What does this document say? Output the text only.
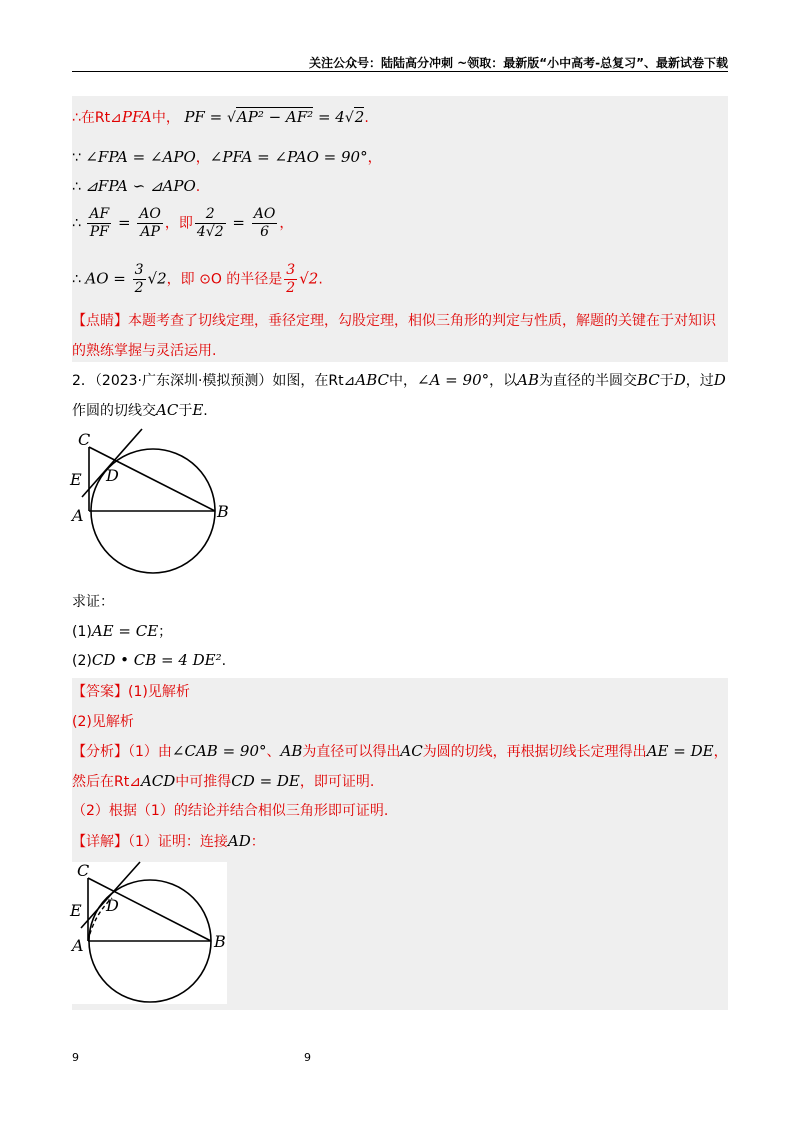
关注公众号：陆陆高分冲刺 ~领取：最新版“小中高考-总复习”、最新试卷下载
∴在Rt⊿PFA中， PF = √AP² − AF² = 4√2.
∵ ∠FPA = ∠APO，∠PFA = ∠PAO = 90°，
∴ ⊿FPA ∽ ⊿APO.
∴ $\frac{AF}{PF} = \frac{AO}{AP}$ ，即 $\frac{2}{4√2} = \frac{AO}{6}$ ，
∴ AO = $\frac{3}{2} √2$，即 ⊙O 的半径是 $\frac{3}{2} √2$.
【点睛】本题考查了切线定理，垂径定理，勾股定理，相似三角形的判定与性质，解题的关键在于对知识
的熟练掌握与灵活运用.
2．（2023·广东深圳·模拟预测）如图，在Rt⊿ABC中，∠A = 90°，以AB为直径的半圆交BC于D，过D
作圆的切线交AC于E.
C
E D
A	B
求证：
(1)AE = CE；
(2)CD • CB = 4 DE².
【答案】(1)见解析
(2)见解析
【分析】（1）由∠CAB = 90°、AB为直径可以得出AC为圆的切线，再根据切线长定理得出AE = DE，
然后在Rt⊿ACD中可推得CD = DE，即可证明.
（2）根据（1）的结论并结合相似三角形即可证明.
【详解】（1）证明：连接AD：
C
E D
A	B
9	9
